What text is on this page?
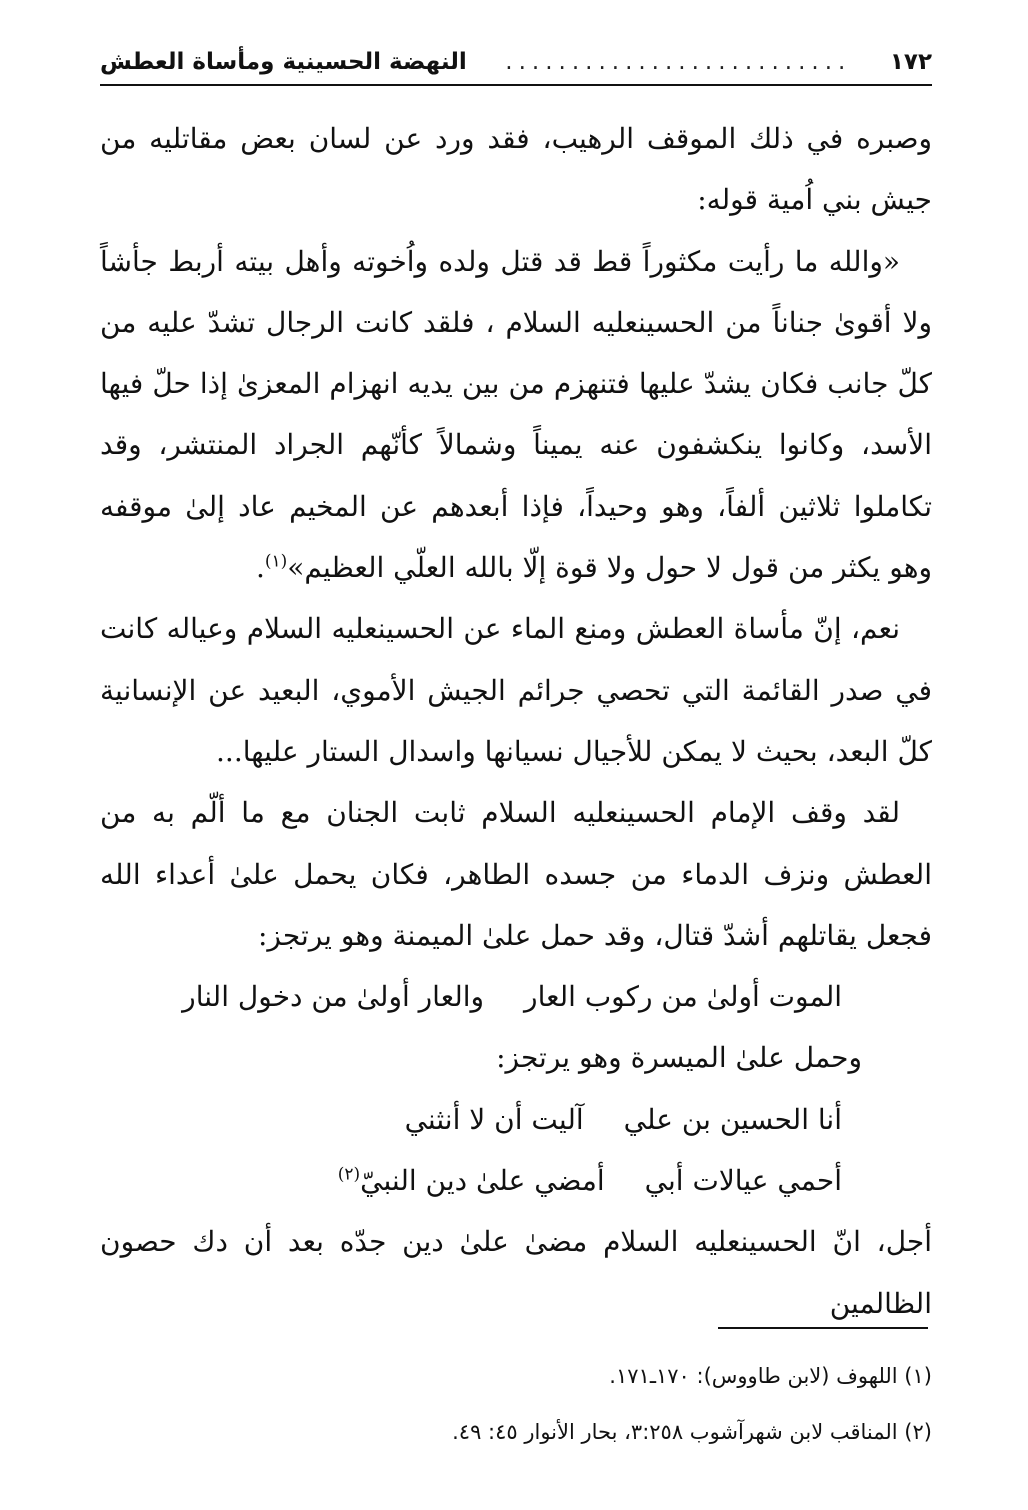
١٧٢
..........................
النهضة الحسينية ومأساة العطش

وصبره في ذلك الموقف الرهيب، فقد ورد عن لسان بعض مقاتليه من جيش بني اُمية قوله:

«والله ما رأيت مكثوراً قط قد قتل ولده واُخوته وأهل بيته أربط جأشاً ولا أقوىٰ جناناً من الحسينعليه السلام ، فلقد كانت الرجال تشدّ عليه من كلّ جانب فكان يشدّ عليها فتنهزم من بين يديه انهزام المعزىٰ إذا حلّ فيها الأسد، وكانوا ينكشفون عنه يميناً وشمالاً كأنّهم الجراد المنتشر، وقد تكاملوا ثلاثين ألفاً، وهو وحيداً، فإذا أبعدهم عن المخيم عاد إلىٰ موقفه وهو يكثر من قول لا حول ولا قوة إلّا بالله العلّي العظيم»$^{(١)}$.

نعم، إنّ مأساة العطش ومنع الماء عن الحسينعليه السلام وعياله كانت في صدر القائمة التي تحصي جرائم الجيش الأموي، البعيد عن الإنسانية كلّ البعد، بحيث لا يمكن للأجيال نسيانها واسدال الستار عليها...

لقد وقف الإمام الحسينعليه السلام ثابت الجنان مع ما ألّم به من العطش ونزف الدماء من جسده الطاهر، فكان يحمل علىٰ أعداء الله فجعل يقاتلهم أشدّ قتال، وقد حمل علىٰ الميمنة وهو يرتجز:

الموت أولىٰ من ركوب العار
والعار أولىٰ من دخول النار

وحمل علىٰ الميسرة وهو يرتجز:

أنا الحسين بن علي
آليت أن لا أنثني

أحمي عيالات أبي
أمضي علىٰ دين النبيّ$^{(٢)}$

أجل، انّ الحسينعليه السلام مضىٰ علىٰ دين جدّه بعد أن دك حصون الظالمين

(١) اللهوف (لابن طاووس): ١٧٠ـ١٧١.

(٢) المناقب لابن شهرآشوب ٣:٢٥٨، بحار الأنوار ٤٥: ٤٩.
